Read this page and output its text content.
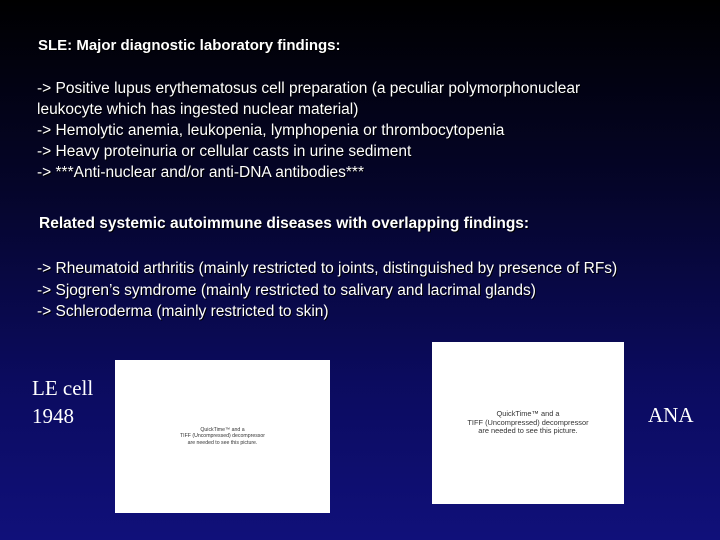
SLE: Major diagnostic laboratory findings:
-> Positive lupus erythematosus cell preparation (a peculiar polymorphonuclear
leukocyte which has ingested nuclear material)
-> Hemolytic anemia, leukopenia, lymphopenia or thrombocytopenia
-> Heavy proteinuria or cellular casts in urine sediment
-> ***Anti-nuclear and/or anti-DNA antibodies***
Related systemic autoimmune diseases with overlapping findings:
-> Rheumatoid arthritis (mainly restricted to joints, distinguished by presence of RFs)
-> Sjogren’s symdrome (mainly restricted to salivary and lacrimal glands)
-> Schleroderma (mainly restricted to skin)
LE cell
1948
QuickTime™ and a
TIFF (Uncompressed) decompressor
are needed to see this picture.
QuickTime™ and a
TIFF (Uncompressed) decompressor
are needed to see this picture.
ANA
